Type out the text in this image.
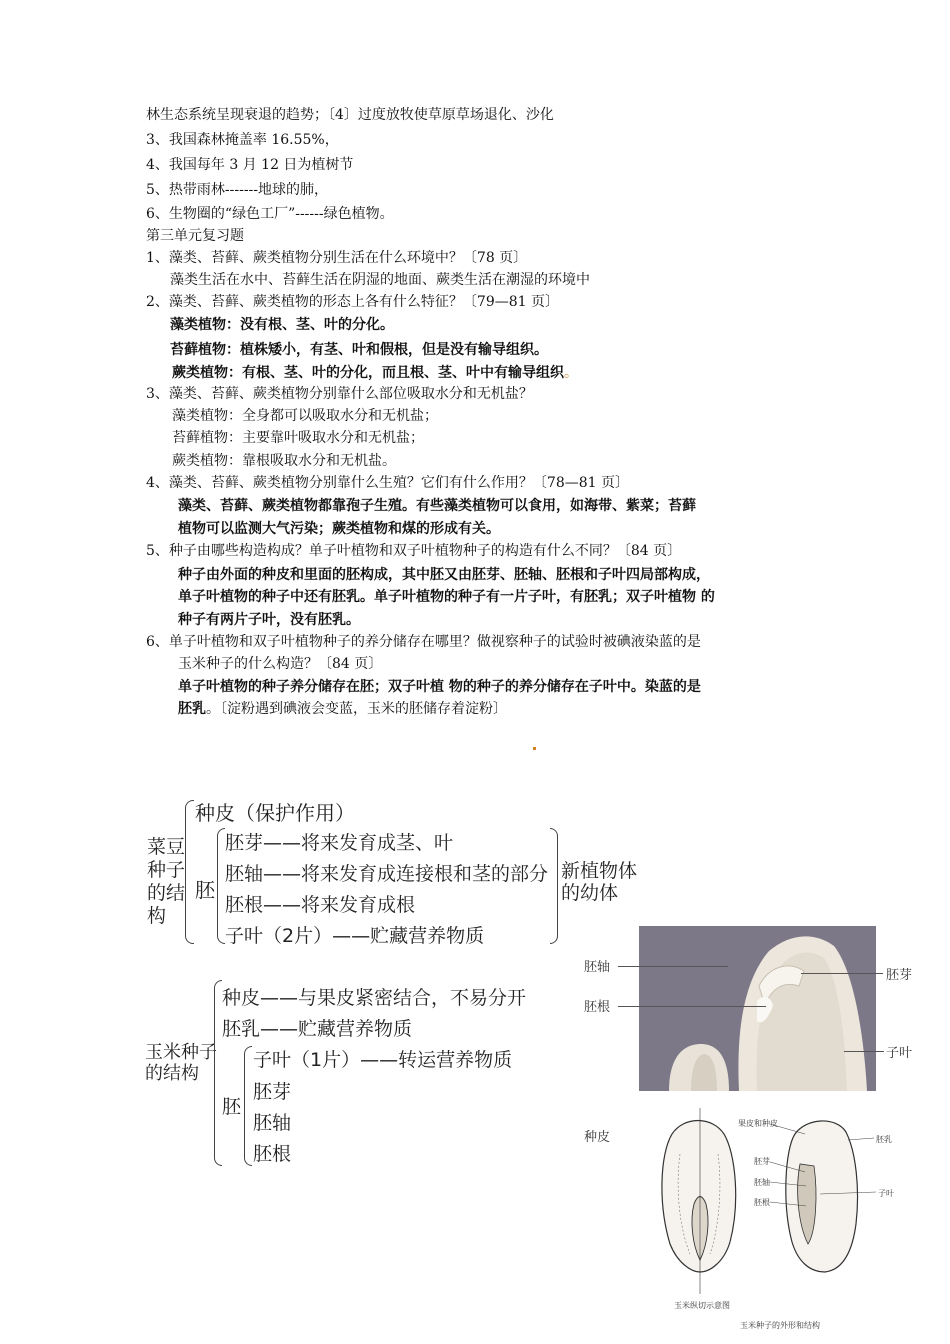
林生态系统呈现衰退的趋势；〔4〕过度放牧使草原草场退化、沙化
3、我国森林掩盖率 16.55%，
4、我国每年 3 月 12 日为植树节
5、热带雨林-------地球的肺，
6、生物圈的“绿色工厂”------绿色植物。
第三单元复习题
1、藻类、苔藓、蕨类植物分别生活在什么环境中？〔78 页〕
藻类生活在水中、苔藓生活在阴湿的地面、蕨类生活在潮湿的环境中
2、藻类、苔藓、蕨类植物的形态上各有什么特征？〔79—81 页〕
藻类植物：没有根、茎、叶的分化。
苔藓植物：植株矮小，有茎、叶和假根，但是没有输导组织。
蕨类植物：有根、茎、叶的分化，而且根、茎、叶中有输导组织。
3、藻类、苔藓、蕨类植物分别靠什么部位吸取水分和无机盐？
藻类植物：全身都可以吸取水分和无机盐；
苔藓植物：主要靠叶吸取水分和无机盐；
蕨类植物：靠根吸取水分和无机盐。
4、藻类、苔藓、蕨类植物分别靠什么生殖？它们有什么作用？〔78—81 页〕
藻类、苔藓、蕨类植物都靠孢子生殖。有些藻类植物可以食用，如海带、紫菜；苔藓
植物可以监测大气污染；蕨类植物和煤的形成有关。
5、种子由哪些构造构成？单子叶植物和双子叶植物种子的构造有什么不同？〔84 页〕
种子由外面的种皮和里面的胚构成，其中胚又由胚芽、胚轴、胚根和子叶四局部构成，
单子叶植物的种子中还有胚乳。单子叶植物的种子有一片子叶，有胚乳；双子叶植物 的
种子有两片子叶，没有胚乳。
6、单子叶植物和双子叶植物种子的养分储存在哪里？做视察种子的试验时被碘液染蓝的是
玉米种子的什么构造？〔84 页〕
单子叶植物的种子养分储存在胚；双子叶植 物的种子的养分储存在子叶中。染蓝的是
胚乳。〔淀粉遇到碘液会变蓝，玉米的胚储存着淀粉〕
菜豆
种子
的结
构
种皮（保护作用）
胚
胚芽——将来发育成茎、叶
胚轴——将来发育成连接根和茎的部分
胚根——将来发育成根
子叶（2片）——贮藏营养物质
新植物体
的幼体
玉米种子
的结构
种皮——与果皮紧密结合，不易分开
胚乳——贮藏营养物质
胚
子叶（1片）——转运营养物质
胚芽
胚轴
胚根
胚轴
胚芽
胚根
子叶
种皮
果皮和种皮
胚乳
胚芽
胚轴
胚根
子叶
玉米纵切示意图
玉米种子的外形和结构
